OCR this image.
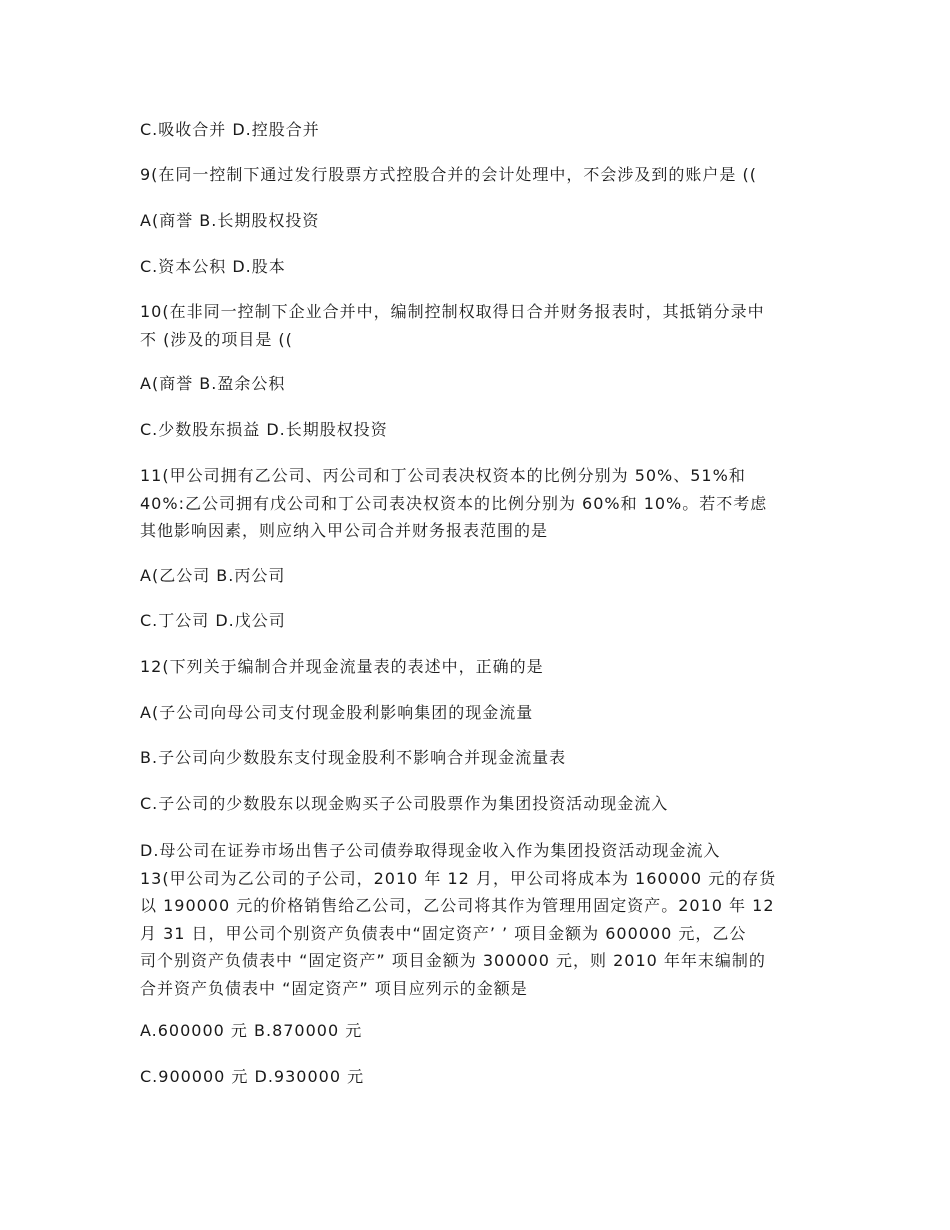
C.吸收合并 D.控股合并
9(在同一控制下通过发行股票方式控股合并的会计处理中，不会涉及到的账户是 ((
A(商誉 B.长期股权投资
C.资本公积 D.股本
10(在非同一控制下企业合并中，编制控制权取得日合并财务报表时，其抵销分录中
不 (涉及的项目是 ((
A(商誉 B.盈余公积
C.少数股东损益 D.长期股权投资
11(甲公司拥有乙公司、丙公司和丁公司表决权资本的比例分别为 50%、51%和
40%:乙公司拥有戊公司和丁公司表决权资本的比例分别为 60%和 10%。若不考虑
其他影响因素，则应纳入甲公司合并财务报表范围的是
A(乙公司 B.丙公司
C.丁公司 D.戊公司
12(下列关于编制合并现金流量表的表述中，正确的是
A(子公司向母公司支付现金股利影响集团的现金流量
B.子公司向少数股东支付现金股利不影响合并现金流量表
C.子公司的少数股东以现金购买子公司股票作为集团投资活动现金流入
D.母公司在证券市场出售子公司债券取得现金收入作为集团投资活动现金流入
13(甲公司为乙公司的子公司，2010 年 12 月，甲公司将成本为 160000 元的存货
以 190000 元的价格销售给乙公司，乙公司将其作为管理用固定资产。2010 年 12
月 31 日，甲公司个别资产负债表中“固定资产’ ’ 项目金额为 600000 元，乙公
司个别资产负债表中 “固定资产” 项目金额为 300000 元，则 2010 年年末编制的
合并资产负债表中 “固定资产” 项目应列示的金额是
A.600000 元 B.870000 元
C.900000 元 D.930000 元
